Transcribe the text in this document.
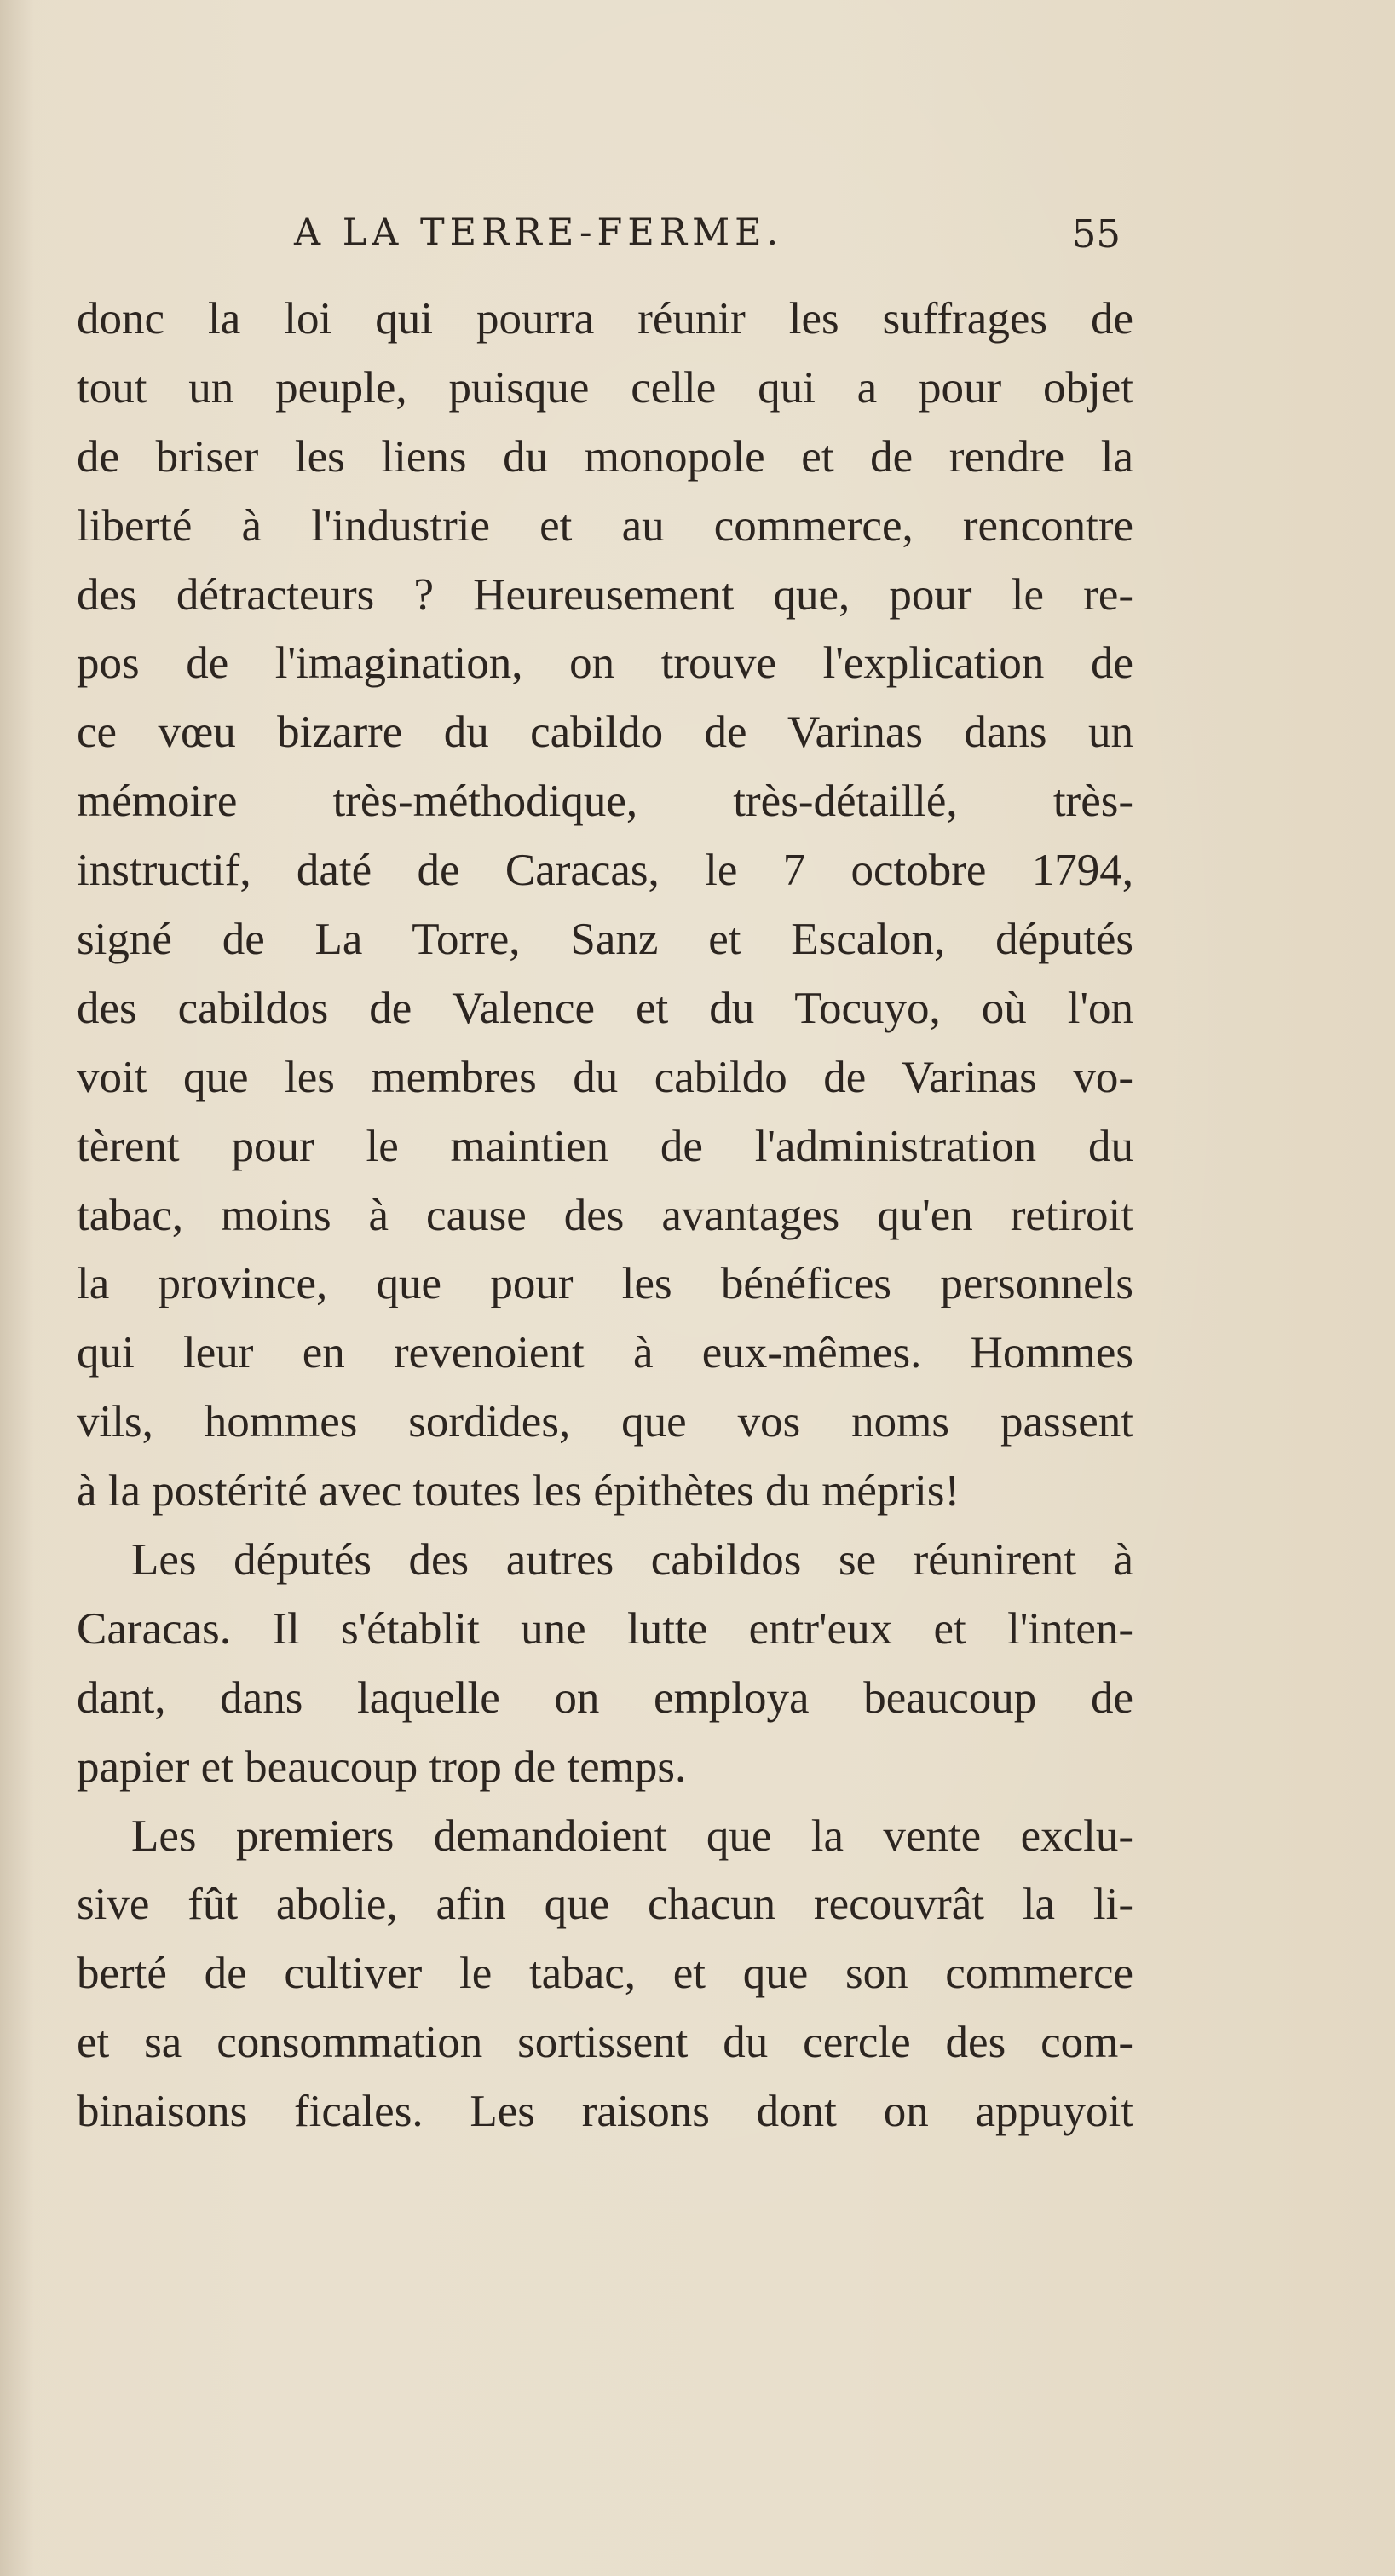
A LA TERRE-FERME.	55
donc la loi qui pourra réunir les suffrages de
tout un peuple, puisque celle qui a pour objet
de briser les liens du monopole et de rendre la
liberté à l'industrie et au commerce, rencontre
des détracteurs ? Heureusement que, pour le re-
pos de l'imagination, on trouve l'explication de
ce vœu bizarre du cabildo de Varinas dans un
mémoire très-méthodique, très-détaillé, très-
instructif, daté de Caracas, le 7 octobre 1794,
signé de La Torre, Sanz et Escalon, députés
des cabildos de Valence et du Tocuyo, où l'on
voit que les membres du cabildo de Varinas vo-
tèrent pour le maintien de l'administration du
tabac, moins à cause des avantages qu'en retiroit
la province, que pour les bénéfices personnels
qui leur en revenoient à eux-mêmes. Hommes
vils, hommes sordides, que vos noms passent
à la postérité avec toutes les épithètes du mépris!
Les députés des autres cabildos se réunirent à
Caracas. Il s'établit une lutte entr'eux et l'inten-
dant, dans laquelle on employa beaucoup de
papier et beaucoup trop de temps.
Les premiers demandoient que la vente exclu-
sive fût abolie, afin que chacun recouvrât la li-
berté de cultiver le tabac, et que son commerce
et sa consommation sortissent du cercle des com-
binaisons ficales. Les raisons dont on appuyoit
